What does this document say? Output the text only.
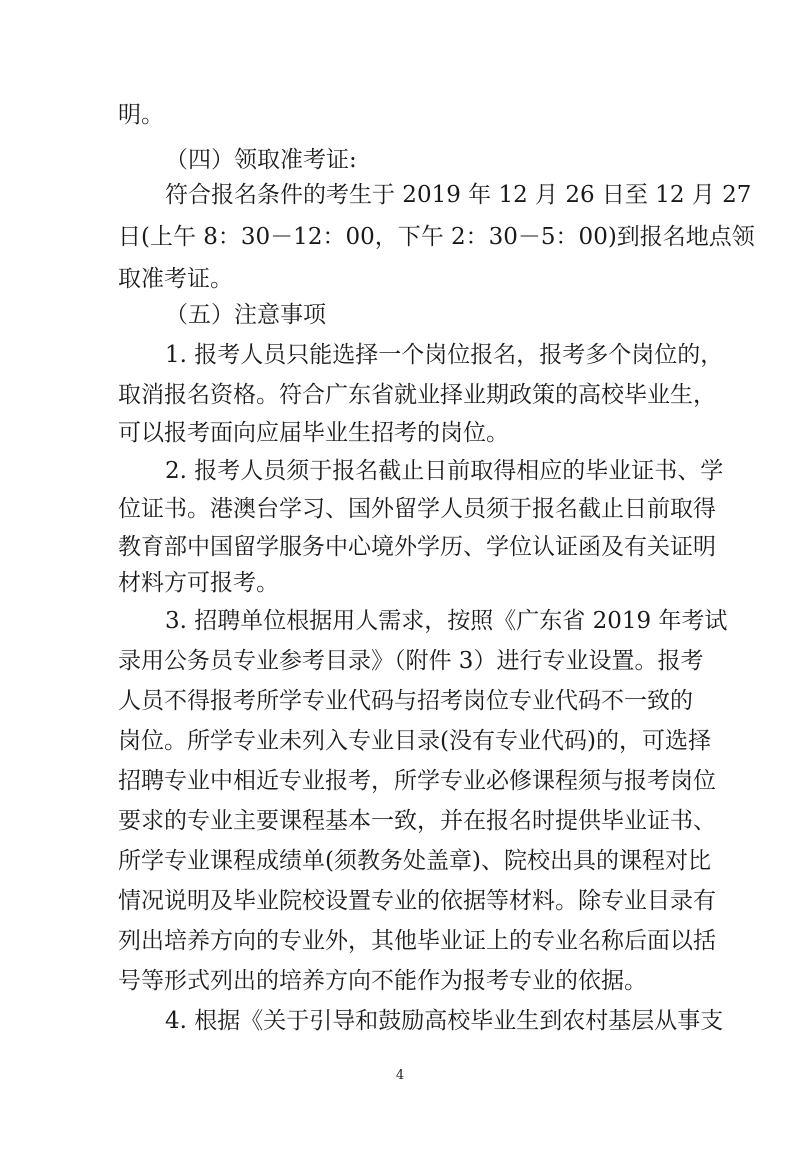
明。
（四）领取准考证:
符合报名条件的考生于 2019 年 12 月 26 日至 12 月 27
日(上午 8：30－12：00，下午 2：30－5：00)到报名地点领
取准考证。
（五）注意事项
1. 报考人员只能选择一个岗位报名，报考多个岗位的，
取消报名资格。符合广东省就业择业期政策的高校毕业生，
可以报考面向应届毕业生招考的岗位。
2. 报考人员须于报名截止日前取得相应的毕业证书、学
位证书。港澳台学习、国外留学人员须于报名截止日前取得
教育部中国留学服务中心境外学历、学位认证函及有关证明
材料方可报考。
3. 招聘单位根据用人需求，按照《广东省 2019 年考试
录用公务员专业参考目录》（附件 3）进行专业设置。报考
人员不得报考所学专业代码与招考岗位专业代码不一致的
岗位。所学专业未列入专业目录(没有专业代码)的，可选择
招聘专业中相近专业报考，所学专业必修课程须与报考岗位
要求的专业主要课程基本一致，并在报名时提供毕业证书、
所学专业课程成绩单(须教务处盖章)、院校出具的课程对比
情况说明及毕业院校设置专业的依据等材料。除专业目录有
列出培养方向的专业外，其他毕业证上的专业名称后面以括
号等形式列出的培养方向不能作为报考专业的依据。
4. 根据《关于引导和鼓励高校毕业生到农村基层从事支
4
